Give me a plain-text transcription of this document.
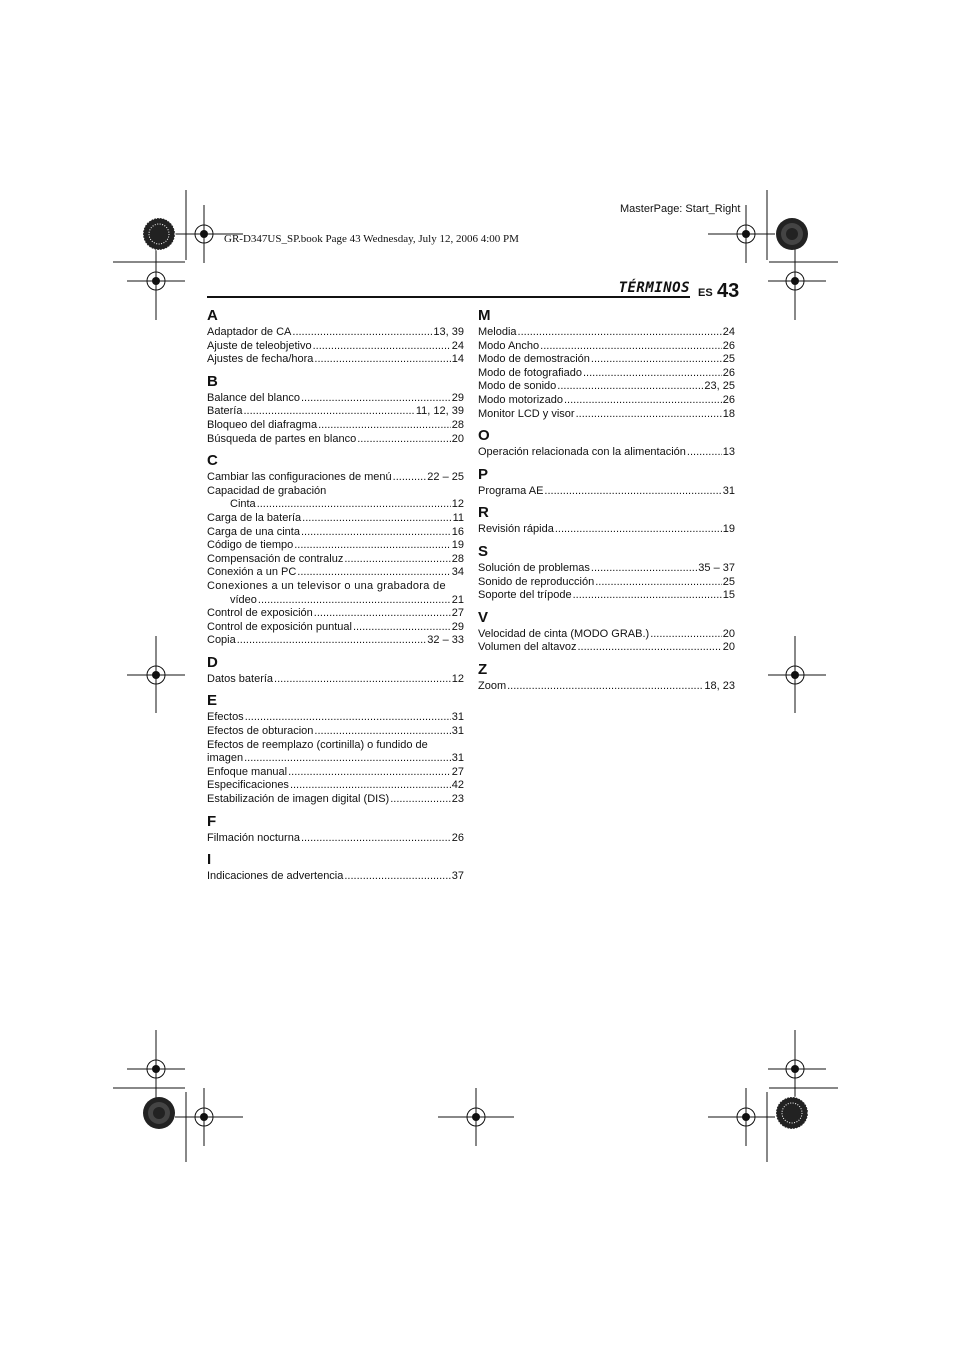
MasterPage: Start_Right
GR-D347US_SP.book Page 43 Wednesday, July 12, 2006 4:00 PM
TÉRMINOS ES 43
A
Adaptador de CA .....	13, 39
Ajuste de teleobjetivo .....	24
Ajustes de fecha/hora .....	14
B
Balance del blanco .....	29
Batería .....	11, 12, 39
Bloqueo del diafragma .....	28
Búsqueda de partes en blanco .....	20
C
Cambiar las configuraciones de menú .....	22 – 25
Capacidad de grabación
Cinta .....	12
Carga de la batería .....	11
Carga de una cinta .....	16
Código de tiempo .....	19
Compensación de contraluz .....	28
Conexión a un PC .....	34
Conexiones a un televisor o una grabadora de
vídeo .....	21
Control de exposición .....	27
Control de exposición puntual .....	29
Copia .....	32 – 33
D
Datos batería .....	12
E
Efectos .....	31
Efectos de obturacion .....	31
Efectos de reemplazo (cortinilla) o fundido de
imagen .....	31
Enfoque manual .....	27
Especificaciones .....	42
Estabilización de imagen digital (DIS) .....	23
F
Filmación nocturna .....	26
I
Indicaciones de advertencia .....	37
M
Melodia .....	24
Modo Ancho .....	26
Modo de demostración .....	25
Modo de fotografiado .....	26
Modo de sonido .....	23, 25
Modo motorizado .....	26
Monitor LCD y visor .....	18
O
Operación relacionada con la alimentación .....	13
P
Programa AE .....	31
R
Revisión rápida .....	19
S
Solución de problemas .....	35 – 37
Sonido de reproducción .....	25
Soporte del trípode .....	15
V
Velocidad de cinta (MODO GRAB.) .....	20
Volumen del altavoz .....	20
Z
Zoom .....	18, 23
